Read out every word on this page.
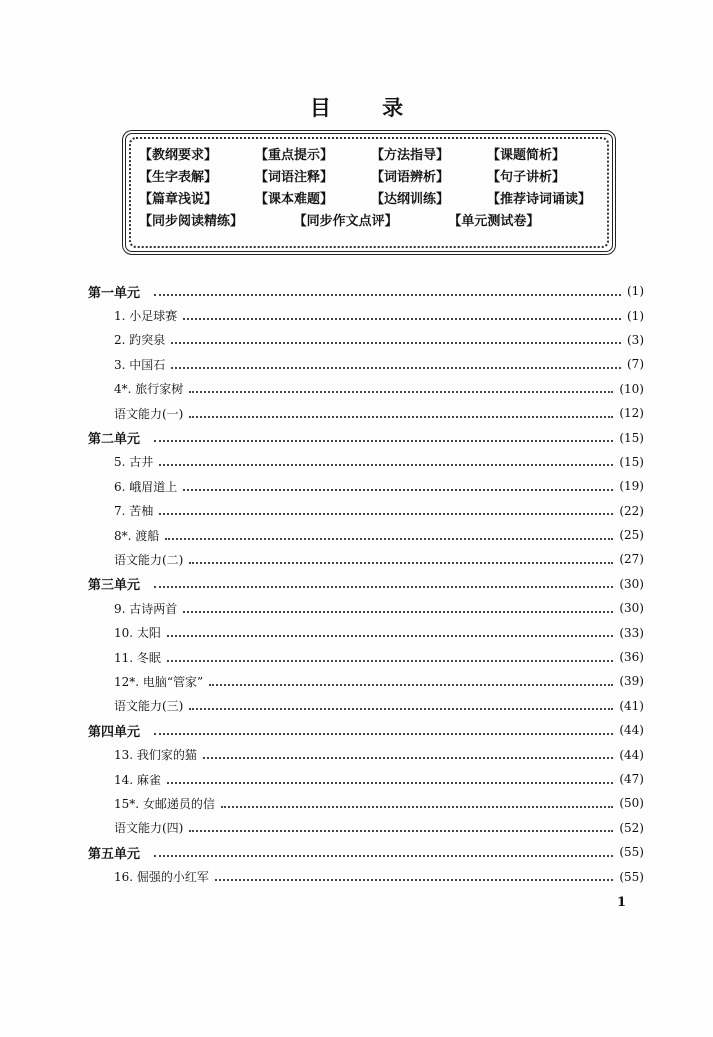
目 录
【教纲要求】	【重点提示】	【方法指导】	【课题简析】
【生字表解】	【词语注释】	【词语辨析】	【句子讲析】
【篇章浅说】	【课本难题】	【达纲训练】	【推荐诗词诵读】
【同步阅读精练】	【同步作文点评】	【单元测试卷】
第一单元	(1)
1. 小足球赛	(1)
2. 趵突泉	(3)
3. 中国石	(7)
4*. 旅行家树	(10)
语文能力(一)	(12)
第二单元	(15)
5. 古井	(15)
6. 峨眉道上	(19)
7. 苦柚	(22)
8*. 渡船	(25)
语文能力(二)	(27)
第三单元	(30)
9. 古诗两首	(30)
10. 太阳	(33)
11. 冬眠	(36)
12*. 电脑“管家”	(39)
语文能力(三)	(41)
第四单元	(44)
13. 我们家的猫	(44)
14. 麻雀	(47)
15*. 女邮递员的信	(50)
语文能力(四)	(52)
第五单元	(55)
16. 倔强的小红军	(55)
1
